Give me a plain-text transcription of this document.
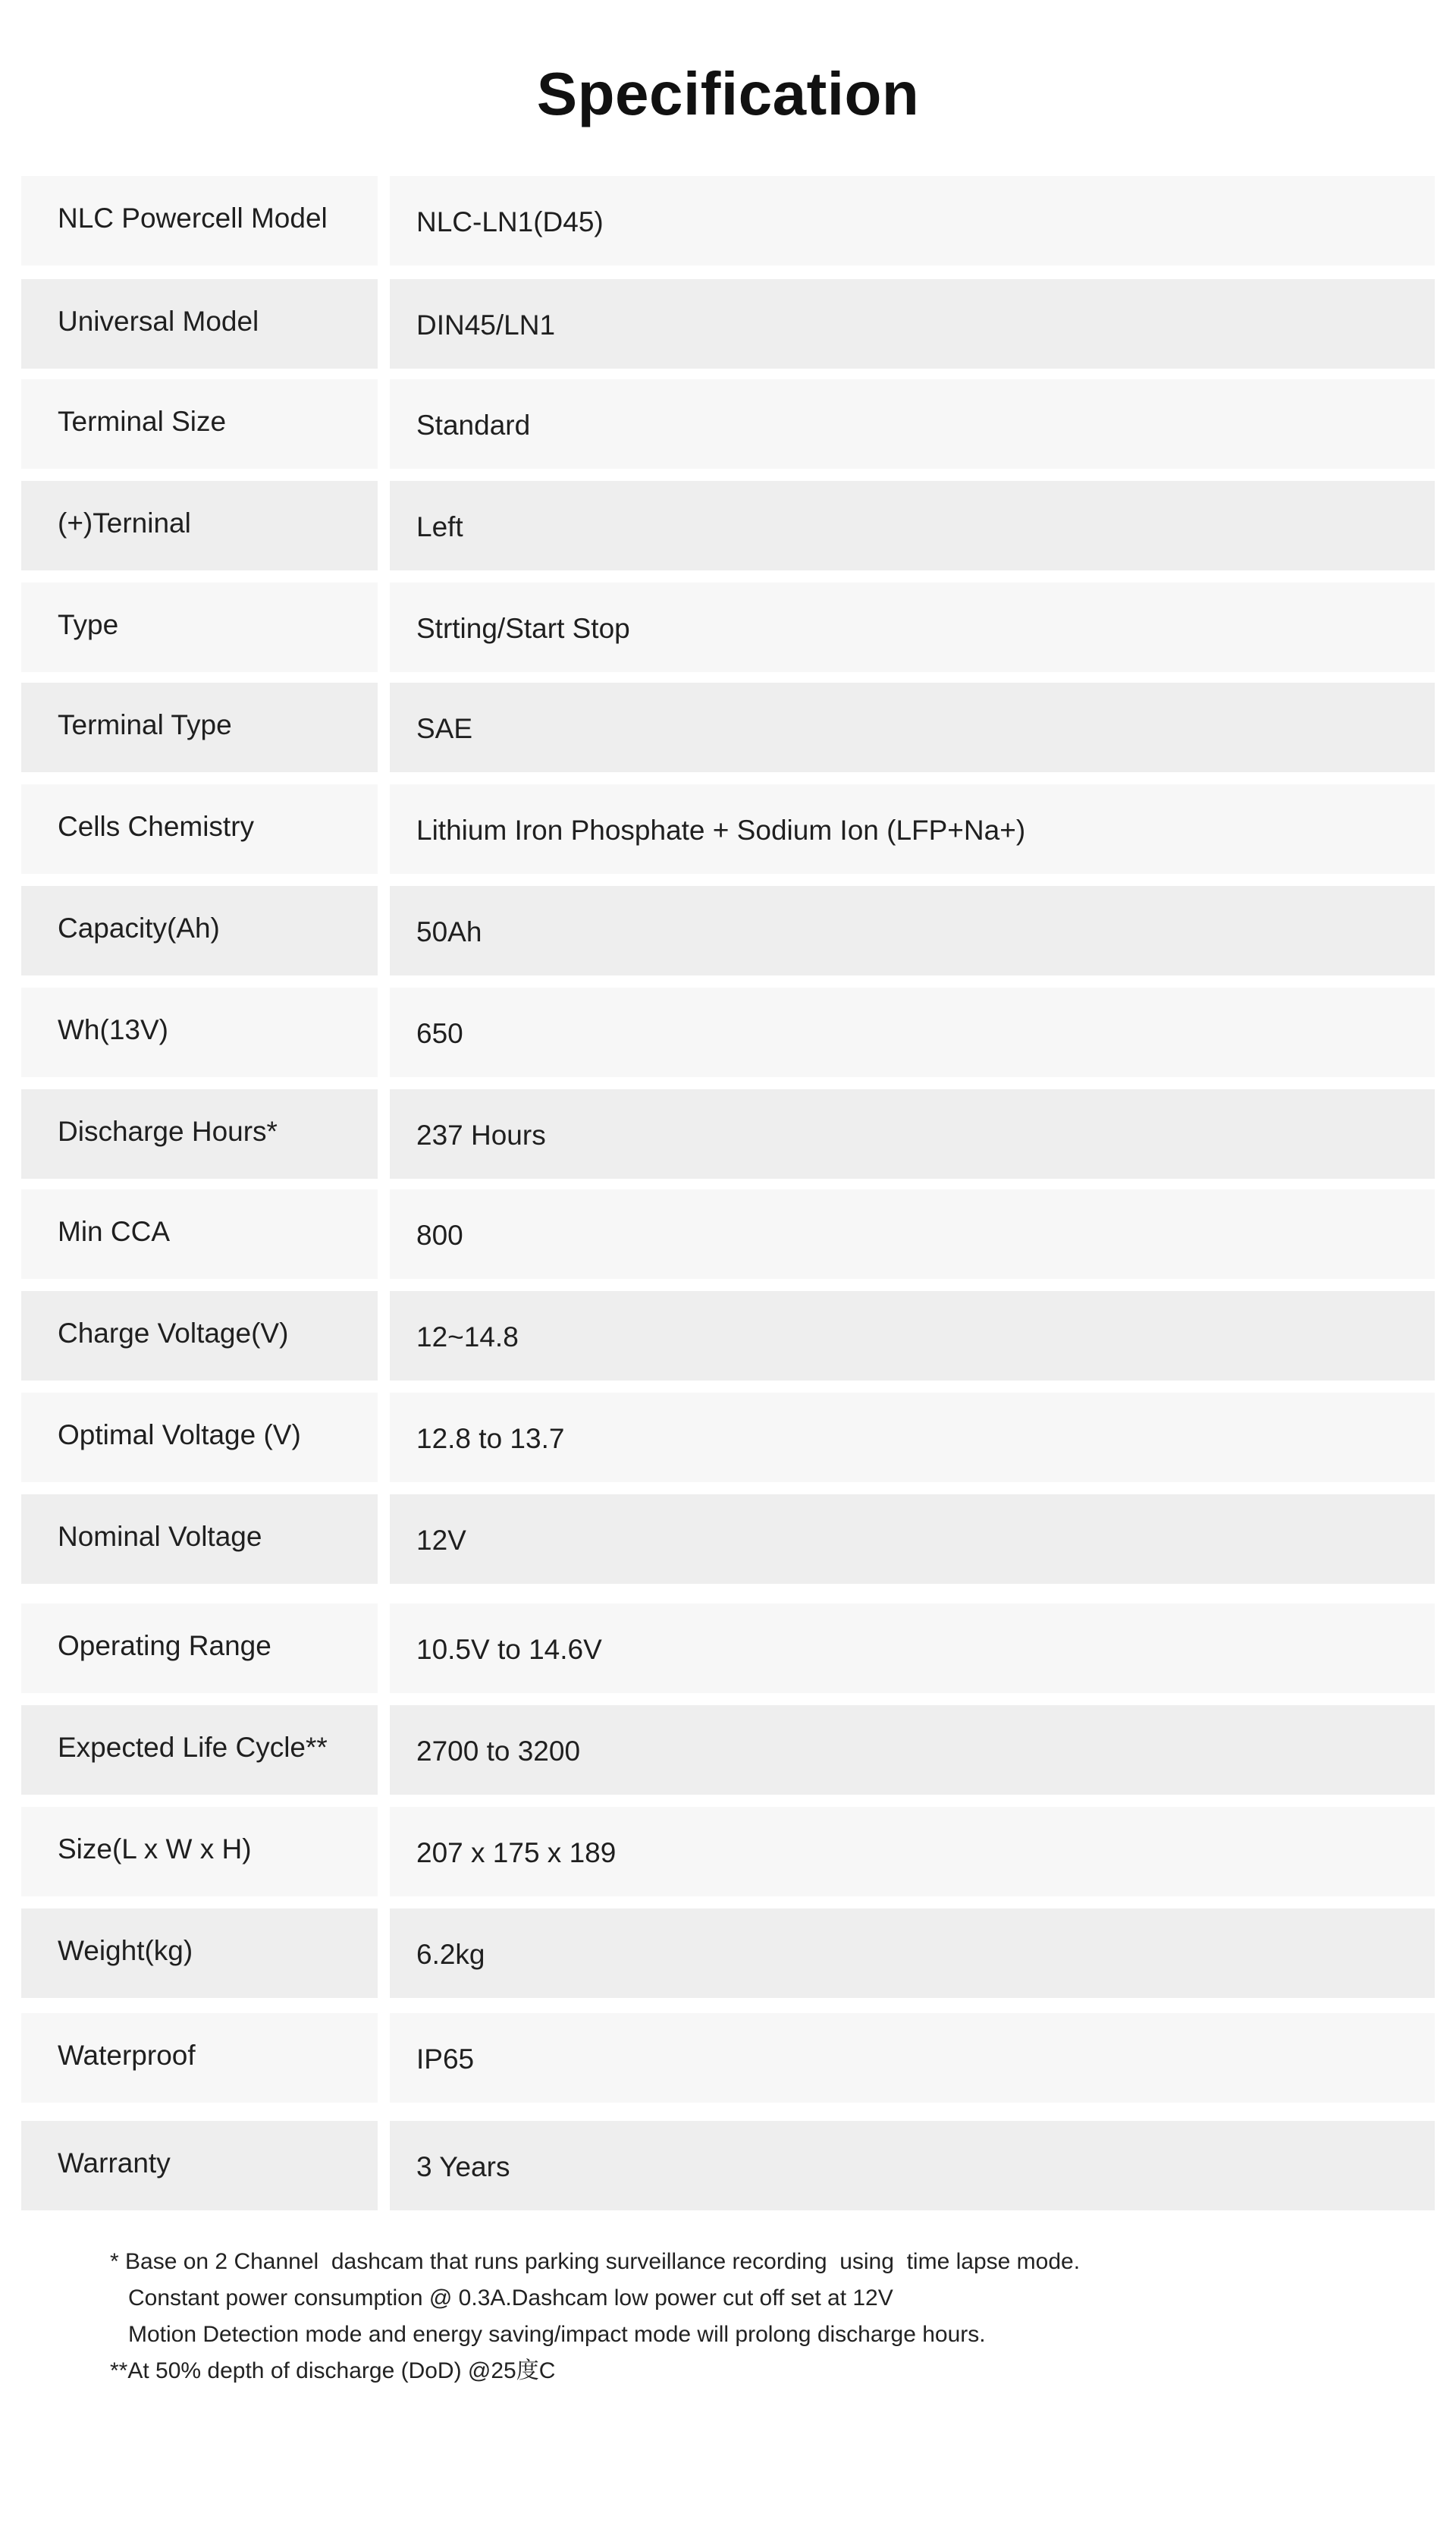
Specification
NLC Powercell Model	NLC-LN1(D45)
Universal Model	DIN45/LN1
Terminal Size	Standard
(+)Terninal	Left
Type	Strting/Start Stop
Terminal Type	SAE
Cells Chemistry	Lithium Iron Phosphate + Sodium Ion (LFP+Na+)
Capacity(Ah)	50Ah
Wh(13V)	650
Discharge Hours*	237 Hours
Min CCA	800
Charge Voltage(V)	12~14.8
Optimal Voltage (V)	12.8 to 13.7
Nominal Voltage	12V
Operating Range	10.5V to 14.6V
Expected Life Cycle**	2700 to 3200
Size(L x W x H)	207 x 175 x 189
Weight(kg)	6.2kg
Waterproof	IP65
Warranty	3 Years
* Base on 2 Channel  dashcam that runs parking surveillance recording  using  time lapse mode.
Constant power consumption @ 0.3A.Dashcam low power cut off set at 12V
Motion Detection mode and energy saving/impact mode will prolong discharge hours.
**At 50% depth of discharge (DoD) @25度C
